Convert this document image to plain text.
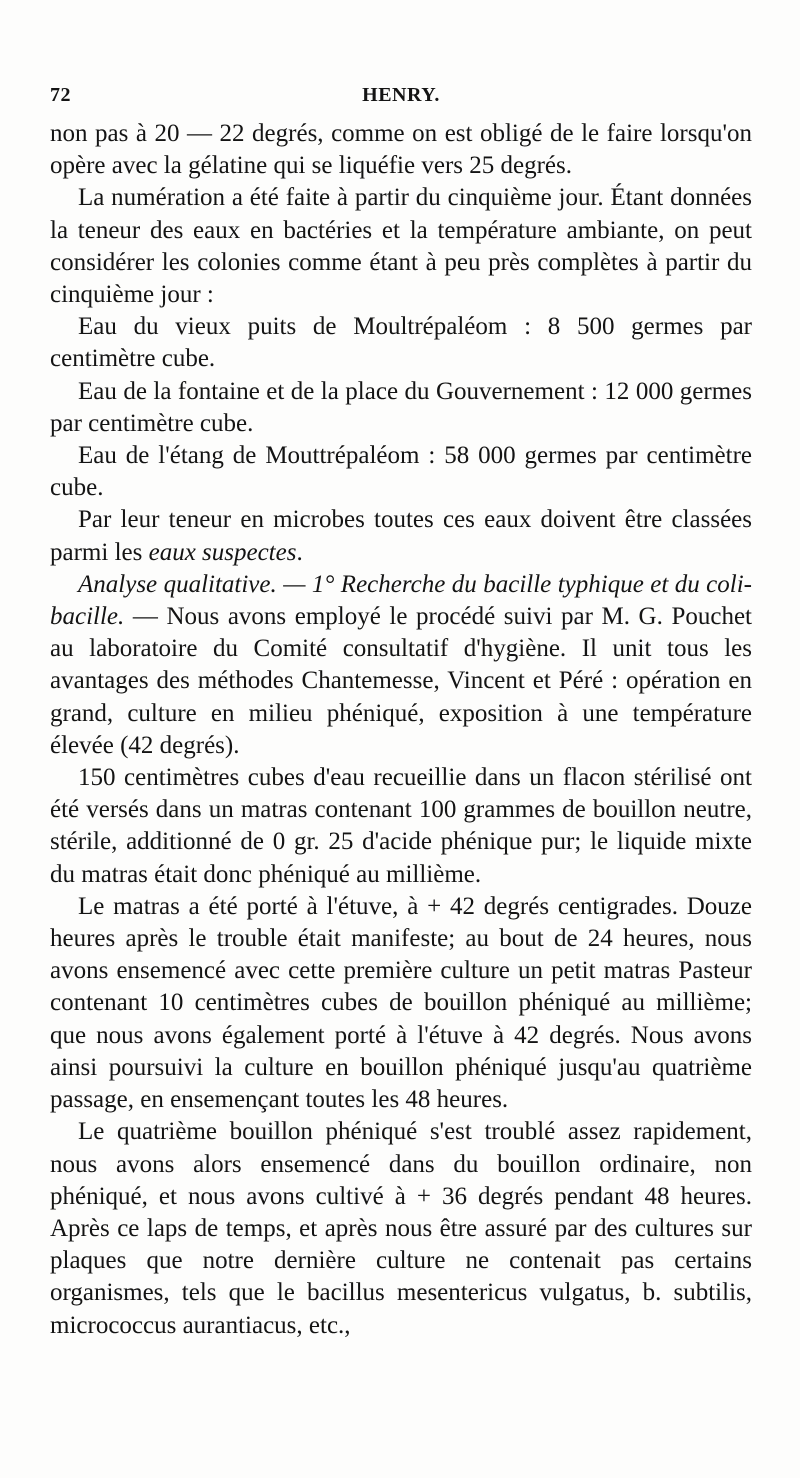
72	HENRY.

non pas à 20 — 22 degrés, comme on est obligé de le faire lorsqu'on opère avec la gélatine qui se liquéfie vers 25 degrés.

La numération a été faite à partir du cinquième jour. Étant données la teneur des eaux en bactéries et la température ambiante, on peut considérer les colonies comme étant à peu près complètes à partir du cinquième jour :

Eau du vieux puits de Moultrépaléom : 8 500 germes par centimètre cube.

Eau de la fontaine et de la place du Gouvernement : 12 000 germes par centimètre cube.

Eau de l'étang de Mouttrépaléom : 58 000 germes par centimètre cube.

Par leur teneur en microbes toutes ces eaux doivent être classées parmi les eaux suspectes.

Analyse qualitative. — 1° Recherche du bacille typhique et du coli-bacille. — Nous avons employé le procédé suivi par M. G. Pouchet au laboratoire du Comité consultatif d'hygiène. Il unit tous les avantages des méthodes Chantemesse, Vincent et Péré : opération en grand, culture en milieu phéniqué, exposition à une température élevée (42 degrés).

150 centimètres cubes d'eau recueillie dans un flacon stérilisé ont été versés dans un matras contenant 100 grammes de bouillon neutre, stérile, additionné de 0 gr. 25 d'acide phénique pur; le liquide mixte du matras était donc phéniqué au millième.

Le matras a été porté à l'étuve, à + 42 degrés centigrades. Douze heures après le trouble était manifeste; au bout de 24 heures, nous avons ensemencé avec cette première culture un petit matras Pasteur contenant 10 centimètres cubes de bouillon phéniqué au millième; que nous avons également porté à l'étuve à 42 degrés. Nous avons ainsi poursuivi la culture en bouillon phéniqué jusqu'au quatrième passage, en ensemençant toutes les 48 heures.

Le quatrième bouillon phéniqué s'est troublé assez rapidement, nous avons alors ensemencé dans du bouillon ordinaire, non phéniqué, et nous avons cultivé à + 36 degrés pendant 48 heures. Après ce laps de temps, et après nous être assuré par des cultures sur plaques que notre dernière culture ne contenait pas certains organismes, tels que le bacillus mesentericus vulgatus, b. subtilis, micrococcus aurantiacus, etc.,
